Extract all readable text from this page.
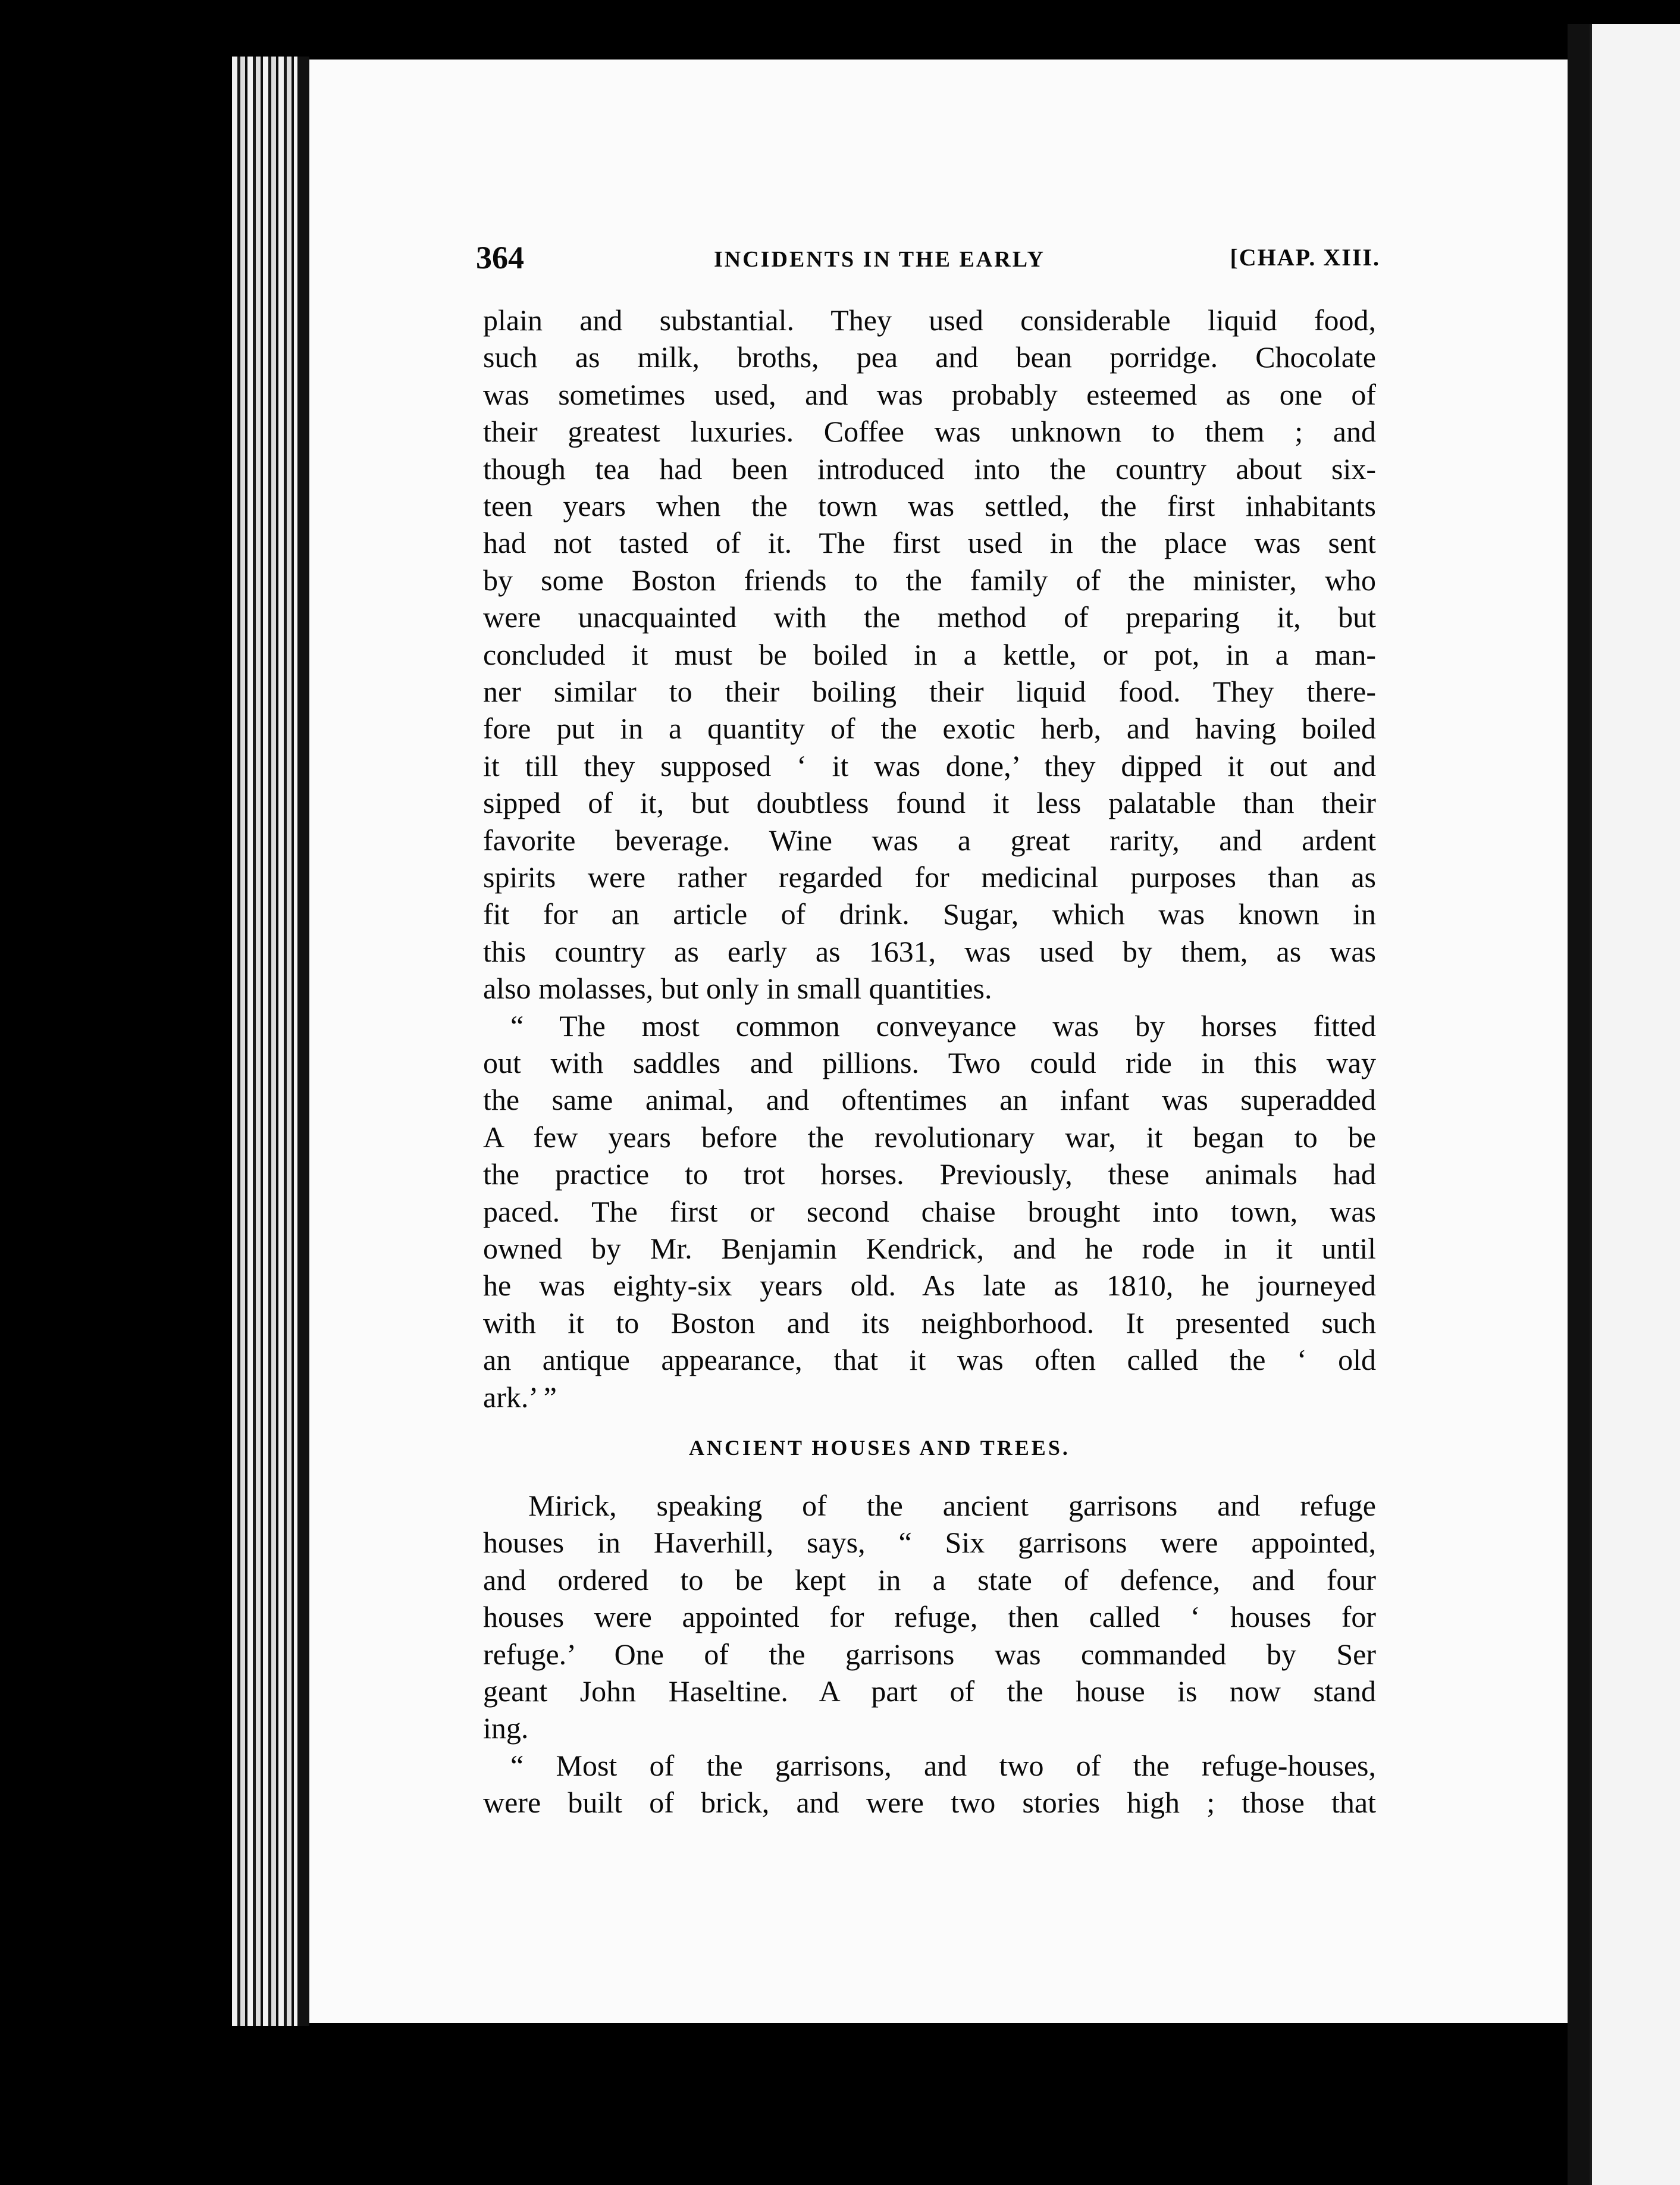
364	INCIDENTS IN THE EARLY	[CHAP. XIII.
plain and substantial. They used considerable liquid food,
such as milk, broths, pea and bean porridge. Chocolate
was sometimes used, and was probably esteemed as one of
their greatest luxuries. Coffee was unknown to them ; and
though tea had been introduced into the country about six-
teen years when the town was settled, the first inhabitants
had not tasted of it. The first used in the place was sent
by some Boston friends to the family of the minister, who
were unacquainted with the method of preparing it, but
concluded it must be boiled in a kettle, or pot, in a man-
ner similar to their boiling their liquid food. They there-
fore put in a quantity of the exotic herb, and having boiled
it till they supposed ‘ it was done,’ they dipped it out and
sipped of it, but doubtless found it less palatable than their
favorite beverage. Wine was a great rarity, and ardent
spirits were rather regarded for medicinal purposes than as
fit for an article of drink. Sugar, which was known in
this country as early as 1631, was used by them, as was
also molasses, but only in small quantities.
“ The most common conveyance was by horses fitted
out with saddles and pillions. Two could ride in this way
the same animal, and oftentimes an infant was superadded
A few years before the revolutionary war, it began to be
the practice to trot horses. Previously, these animals had
paced. The first or second chaise brought into town, was
owned by Mr. Benjamin Kendrick, and he rode in it until
he was eighty-six years old. As late as 1810, he journeyed
with it to Boston and its neighborhood. It presented such
an antique appearance, that it was often called the ‘ old
ark.’ ”
ANCIENT HOUSES AND TREES.
Mirick, speaking of the ancient garrisons and refuge
houses in Haverhill, says, “ Six garrisons were appointed,
and ordered to be kept in a state of defence, and four
houses were appointed for refuge, then called ‘ houses for
refuge.’ One of the garrisons was commanded by Ser
geant John Haseltine. A part of the house is now stand
ing.
“ Most of the garrisons, and two of the refuge-houses,
were built of brick, and were two stories high ; those that
